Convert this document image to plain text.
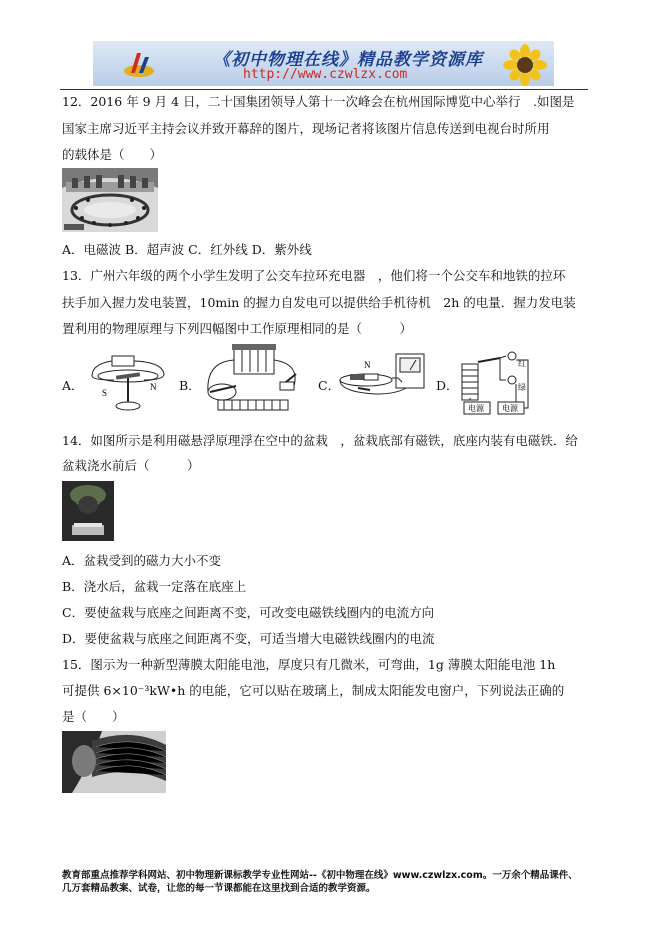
《初中物理在线》精品教学资源库
http://www.czwlzx.com
12．2016 年 9 月 4 日，二十国集团领导人第十一次峰会在杭州国际博览中心举行　.如图是
国家主席习近平主持会议并致开幕辞的图片，现场记者将该图片信息传送到电视台时所用
的载体是（　　）
A．电磁波 B．超声波 C．红外线 D．紫外线
13．广州六年级的两个小学生发明了公交车拉环充电器　，他们将一个公交车和地铁的拉环
扶手加入握力发电装置，10min 的握力自发电可以提供给手机待机　2h 的电量．握力发电装
置利用的物理原理与下列四幅图中工作原理相同的是（　　　）
A． S
N B．	C．
N
D．
红
绿
电源 电源
14．如图所示是利用磁悬浮原理浮在空中的盆栽　，盆栽底部有磁铁，底座内装有电磁铁．给
盆栽浇水前后（　　　）
A．盆栽受到的磁力大小不变
B．浇水后，盆栽一定落在底座上
C．要使盆栽与底座之间距离不变，可改变电磁铁线圈内的电流方向
D．要使盆栽与底座之间距离不变，可适当增大电磁铁线圈内的电流
15．图示为一种新型薄膜太阳能电池，厚度只有几微米，可弯曲，1g 薄膜太阳能电池 1h
可提供 6×10⁻³kW•h 的电能，它可以贴在玻璃上，制成太阳能发电窗户，下列说法正确的
是（　　）
教育部重点推荐学科网站、初中物理新课标教学专业性网站--《初中物理在线》www.czwlzx.com。一万余个精品课件、
几万套精品教案、试卷，让您的每一节课都能在这里找到合适的教学资源。
